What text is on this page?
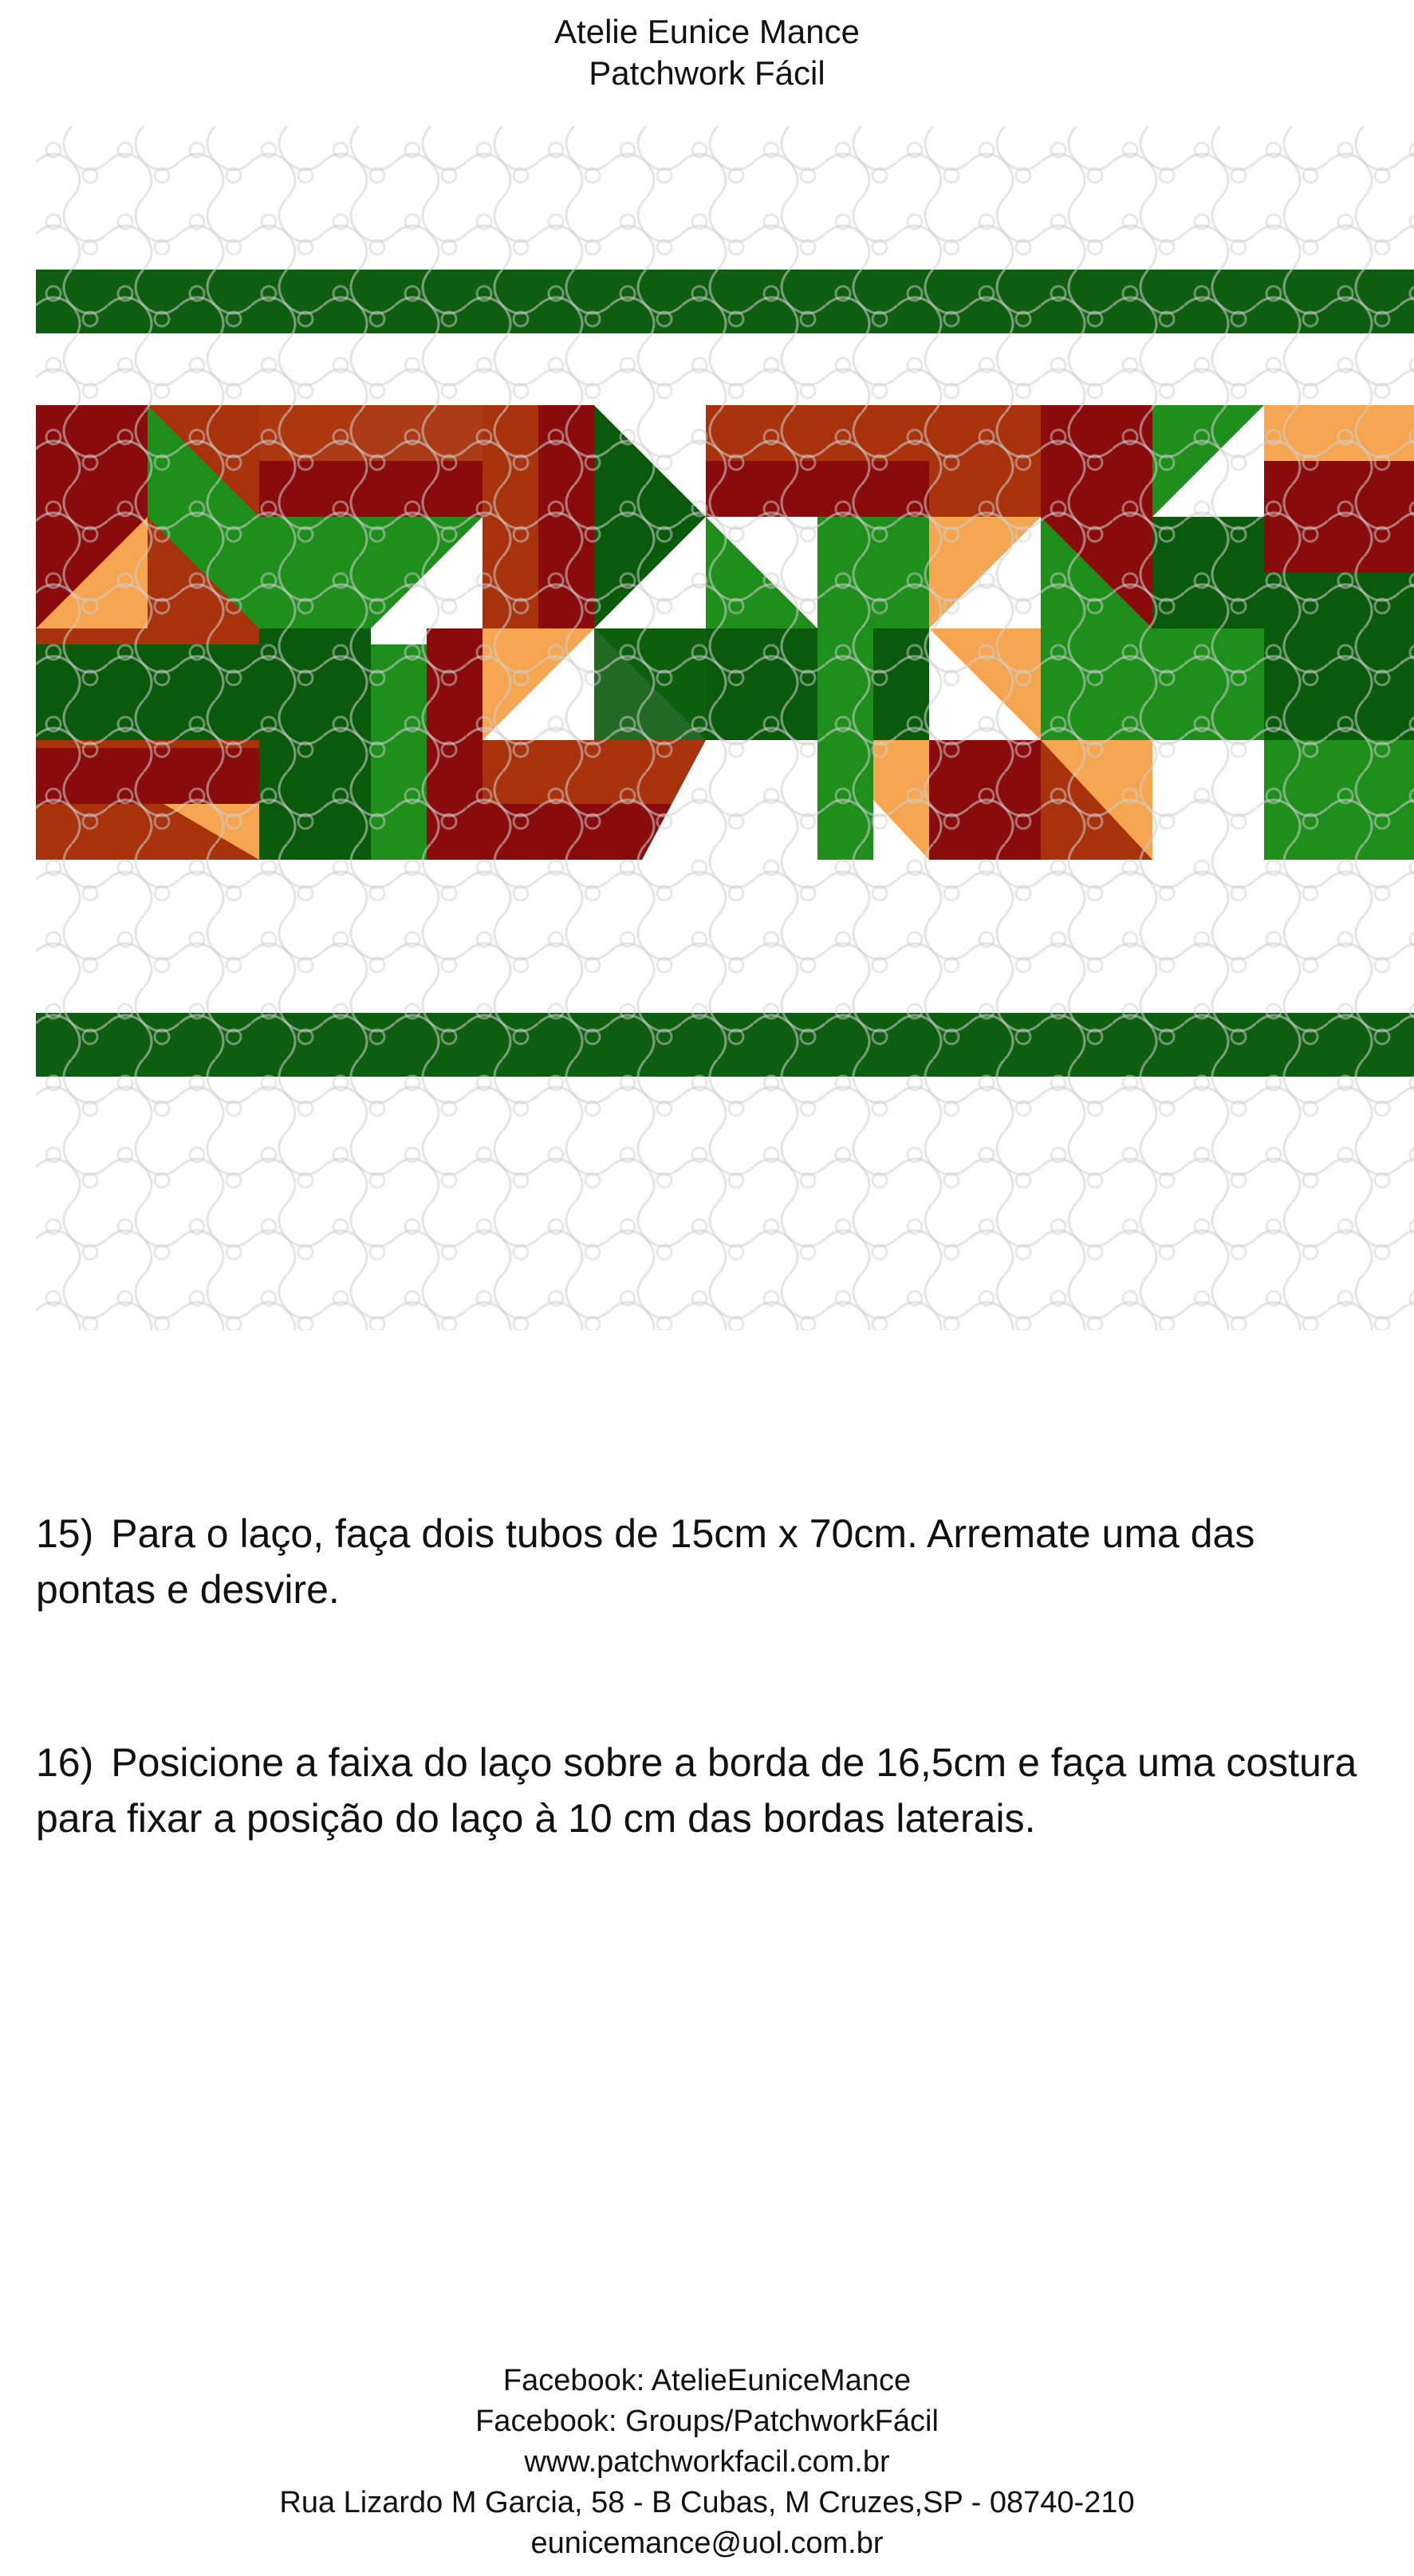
Atelie Eunice Mance
Patchwork Fácil
15) Para o laço, faça dois tubos de 15cm x 70cm. Arremate uma das pontas e desvire.
16) Posicione a faixa do laço sobre a borda de 16,5cm e faça uma costura para fixar a posição do laço à 10 cm das bordas laterais.
Facebook: AtelieEuniceMance
Facebook: Groups/PatchworkFácil
www.patchworkfacil.com.br
Rua Lizardo M Garcia, 58 - B Cubas, M Cruzes,SP - 08740-210
eunicemance@uol.com.br
